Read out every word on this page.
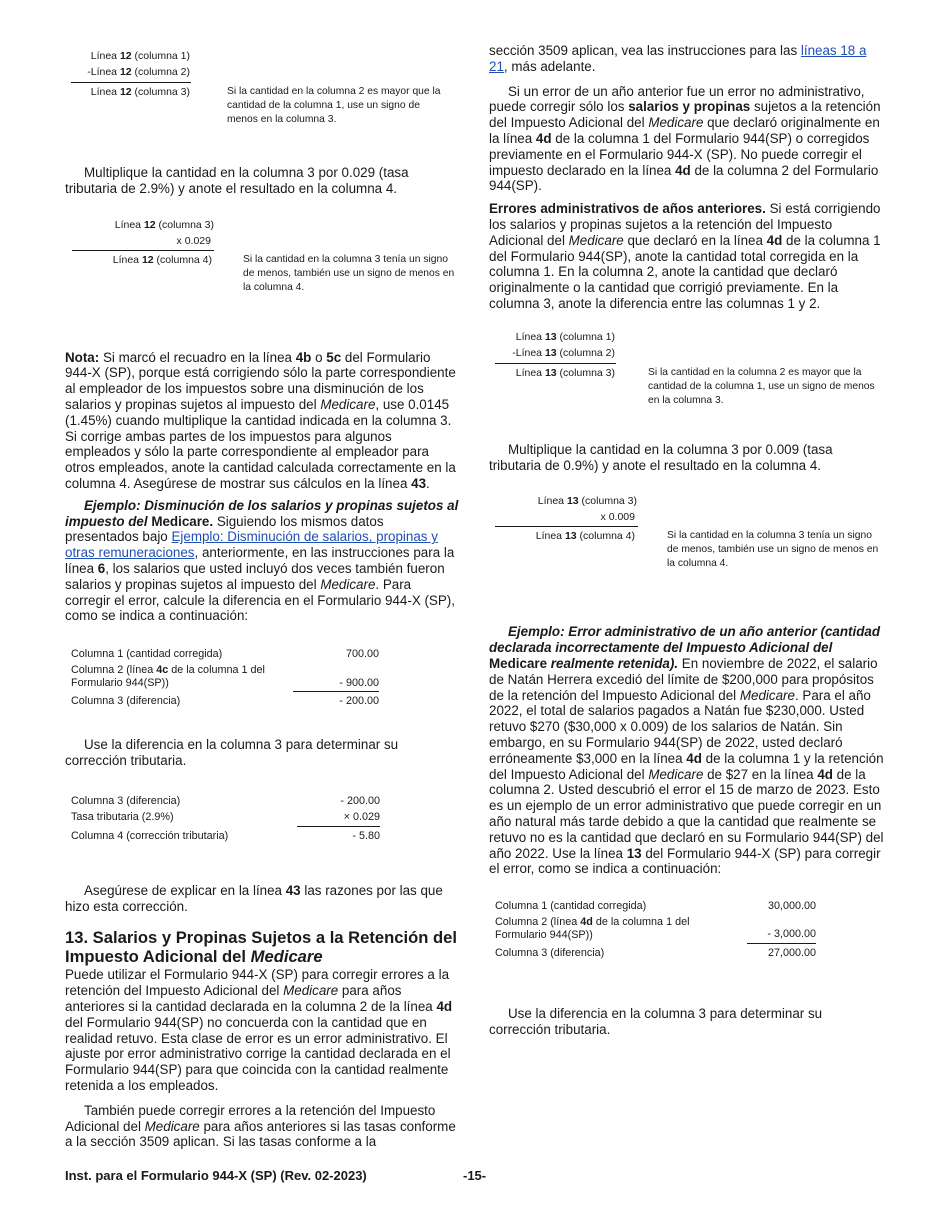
Línea 12 (columna 1)
-Línea 12 (columna 2)
Línea 12 (columna 3)	Si la cantidad en la columna 2 es mayor que la cantidad de la columna 1, use un signo de menos en la columna 3.

Multiplique la cantidad en la columna 3 por 0.029 (tasa tributaria de 2.9%) y anote el resultado en la columna 4.

Línea 12 (columna 3)
x 0.029
Línea 12 (columna 4)	Si la cantidad en la columna 3 tenía un signo de menos, también use un signo de menos en la columna 4.

Nota: Si marcó el recuadro en la línea 4b o 5c del Formulario 944-X (SP), porque está corrigiendo sólo la parte correspondiente al empleador de los impuestos sobre una disminución de los salarios y propinas sujetos al impuesto del Medicare, use 0.0145 (1.45%) cuando multiplique la cantidad indicada en la columna 3. Si corrige ambas partes de los impuestos para algunos empleados y sólo la parte correspondiente al empleador para otros empleados, anote la cantidad calculada correctamente en la columna 4. Asegúrese de mostrar sus cálculos en la línea 43.

Ejemplo: Disminución de los salarios y propinas sujetos al impuesto del Medicare. Siguiendo los mismos datos presentados bajo Ejemplo: Disminución de salarios, propinas y otras remuneraciones, anteriormente, en las instrucciones para la línea 6, los salarios que usted incluyó dos veces también fueron salarios y propinas sujetos al impuesto del Medicare. Para corregir el error, calcule la diferencia en el Formulario 944-X (SP), como se indica a continuación:

Columna 1 (cantidad corregida)	700.00
Columna 2 (línea 4c de la columna 1 del
Formulario 944(SP))	- 900.00
Columna 3 (diferencia)	- 200.00

Use la diferencia en la columna 3 para determinar su corrección tributaria.

Columna 3 (diferencia)	- 200.00
Tasa tributaria (2.9%)	× 0.029
Columna 4 (corrección tributaria)	- 5.80

Asegúrese de explicar en la línea 43 las razones por las que hizo esta corrección.

13. Salarios y Propinas Sujetos a la Retención del Impuesto Adicional del Medicare

Puede utilizar el Formulario 944-X (SP) para corregir errores a la retención del Impuesto Adicional del Medicare para años anteriores si la cantidad declarada en la columna 2 de la línea 4d del Formulario 944(SP) no concuerda con la cantidad que en realidad retuvo. Esta clase de error es un error administrativo. El ajuste por error administrativo corrige la cantidad declarada en el Formulario 944(SP) para que coincida con la cantidad realmente retenida a los empleados.

También puede corregir errores a la retención del Impuesto Adicional del Medicare para años anteriores si las tasas conforme a la sección 3509 aplican. Si las tasas conforme a la

sección 3509 aplican, vea las instrucciones para las líneas 18 a 21, más adelante.

Si un error de un año anterior fue un error no administrativo, puede corregir sólo los salarios y propinas sujetos a la retención del Impuesto Adicional del Medicare que declaró originalmente en la línea 4d de la columna 1 del Formulario 944(SP) o corregidos previamente en el Formulario 944-X (SP). No puede corregir el impuesto declarado en la línea 4d de la columna 2 del Formulario 944(SP).

Errores administrativos de años anteriores. Si está corrigiendo los salarios y propinas sujetos a la retención del Impuesto Adicional del Medicare que declaró en la línea 4d de la columna 1 del Formulario 944(SP), anote la cantidad total corregida en la columna 1. En la columna 2, anote la cantidad que declaró originalmente o la cantidad que corrigió previamente. En la columna 3, anote la diferencia entre las columnas 1 y 2.

Línea 13 (columna 1)
-Línea 13 (columna 2)
Línea 13 (columna 3)	Si la cantidad en la columna 2 es mayor que la cantidad de la columna 1, use un signo de menos en la columna 3.

Multiplique la cantidad en la columna 3 por 0.009 (tasa tributaria de 0.9%) y anote el resultado en la columna 4.

Línea 13 (columna 3)
x 0.009
Línea 13 (columna 4)	Si la cantidad en la columna 3 tenía un signo de menos, también use un signo de menos en la columna 4.

Ejemplo: Error administrativo de un año anterior (cantidad declarada incorrectamente del Impuesto Adicional del Medicare realmente retenida). En noviembre de 2022, el salario de Natán Herrera excedió del límite de $200,000 para propósitos de la retención del Impuesto Adicional del Medicare. Para el año 2022, el total de salarios pagados a Natán fue $230,000. Usted retuvo $270 ($30,000 x 0.009) de los salarios de Natán. Sin embargo, en su Formulario 944(SP) de 2022, usted declaró erróneamente $3,000 en la línea 4d de la columna 1 y la retención del Impuesto Adicional del Medicare de $27 en la línea 4d de la columna 2. Usted descubrió el error el 15 de marzo de 2023. Esto es un ejemplo de un error administrativo que puede corregir en un año natural más tarde debido a que la cantidad que realmente se retuvo no es la cantidad que declaró en su Formulario 944(SP) del año 2022. Use la línea 13 del Formulario 944-X (SP) para corregir el error, como se indica a continuación:

Columna 1 (cantidad corregida)	30,000.00
Columna 2 (línea 4d de la columna 1 del
Formulario 944(SP))	- 3,000.00
Columna 3 (diferencia)	27,000.00

Use la diferencia en la columna 3 para determinar su corrección tributaria.

Inst. para el Formulario 944-X (SP) (Rev. 02-2023)	-15-
